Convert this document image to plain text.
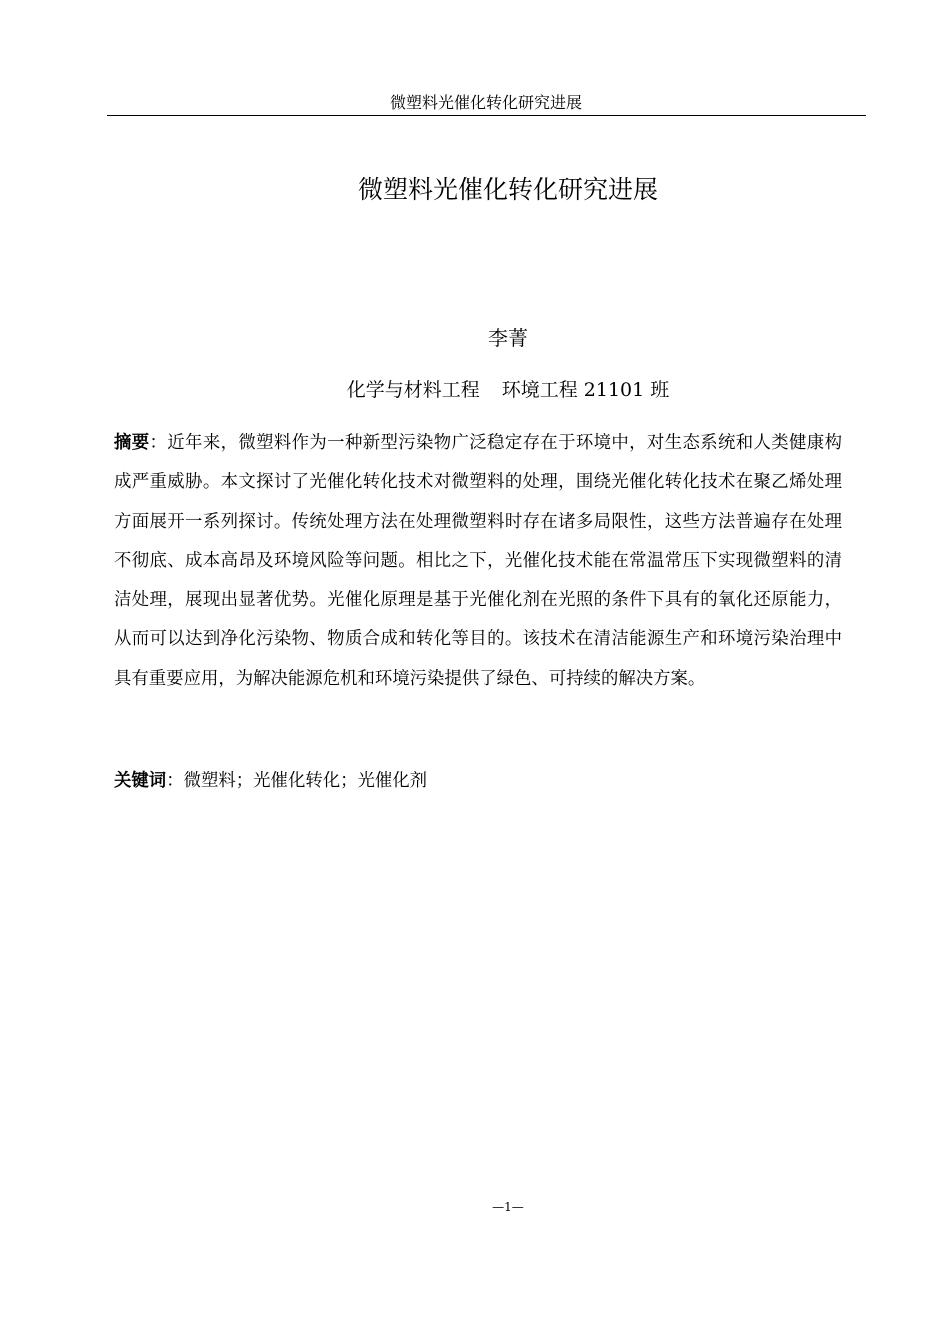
微塑料光催化转化研究进展
微塑料光催化转化研究进展
李菁
化学与材料工程 环境工程 21101 班

摘要：近年来，微塑料作为一种新型污染物广泛稳定存在于环境中，对生态系统和人类健康构成严重威胁。本文探讨了光催化转化技术对微塑料的处理，围绕光催化转化技术在聚乙烯处理方面展开一系列探讨。传统处理方法在处理微塑料时存在诸多局限性，这些方法普遍存在处理不彻底、成本高昂及环境风险等问题。相比之下，光催化技术能在常温常压下实现微塑料的清洁处理，展现出显著优势。光催化原理是基于光催化剂在光照的条件下具有的氧化还原能力，从而可以达到净化污染物、物质合成和转化等目的。该技术在清洁能源生产和环境污染治理中具有重要应用，为解决能源危机和环境污染提供了绿色、可持续的解决方案。

关键词：微塑料；光催化转化；光催化剂

—1—
